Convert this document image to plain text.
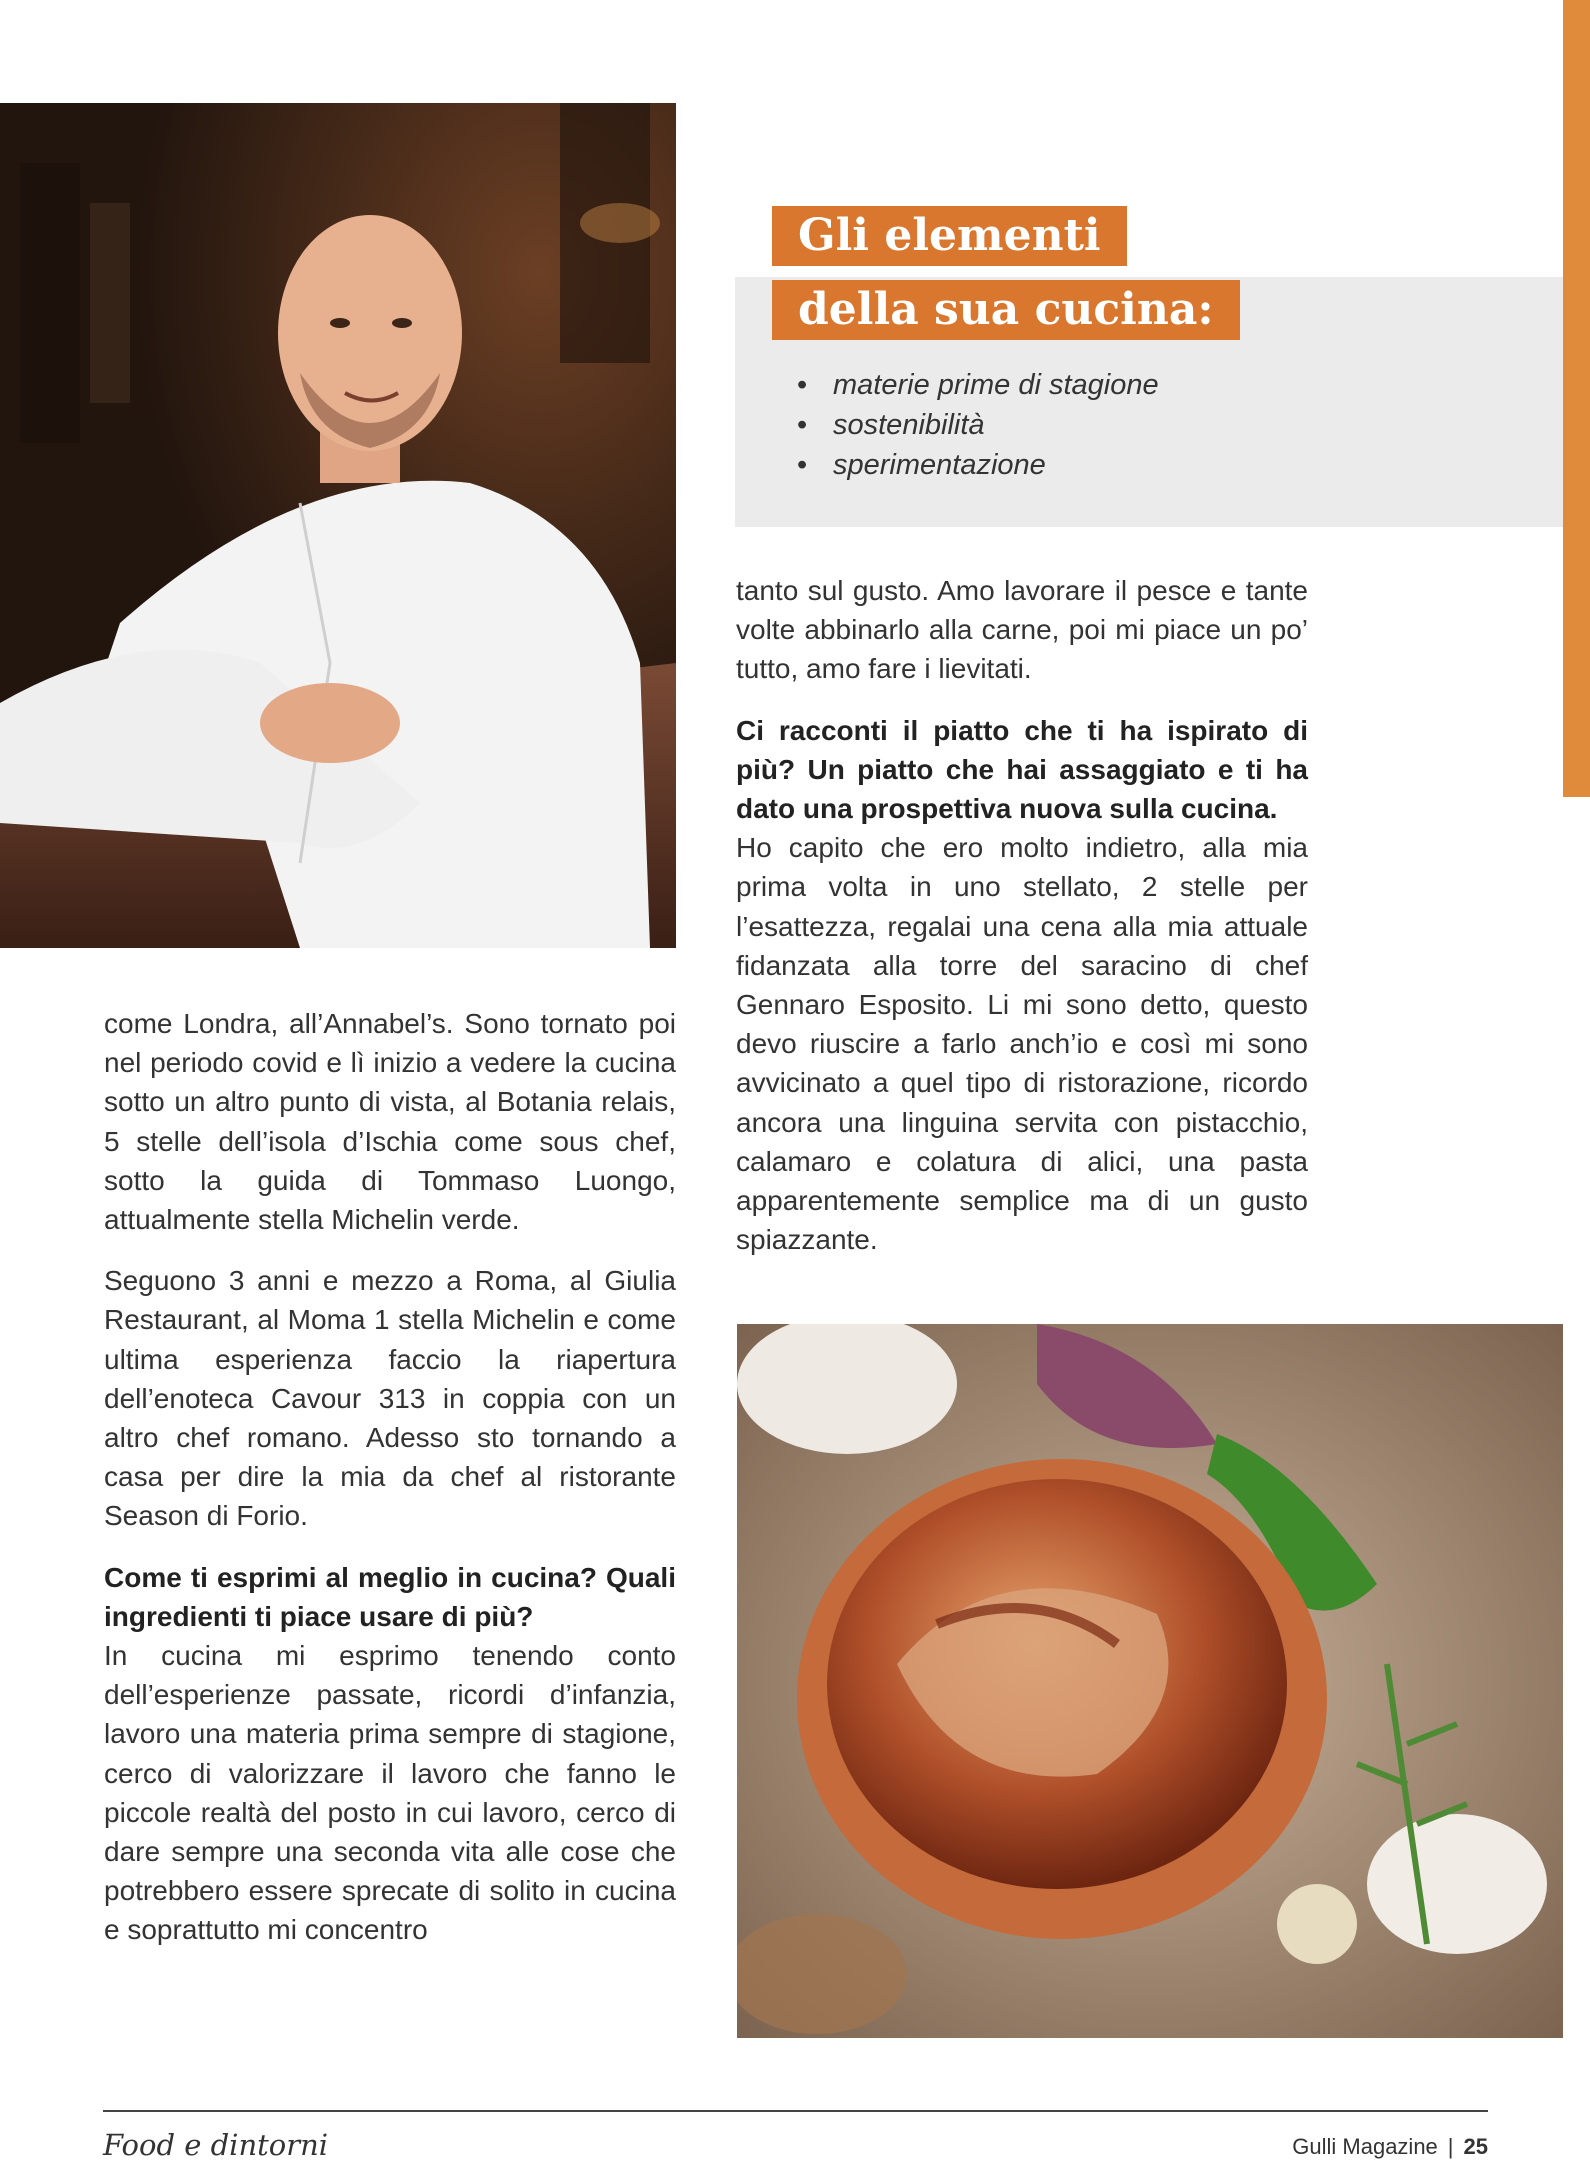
Gli elementi
della sua cucina:
• materie prime di stagione
• sostenibilità
• sperimentazione

tanto sul gusto. Amo lavorare il pesce e tante volte abbinarlo alla carne, poi mi piace un po’ tutto, amo fare i lievitati.

Ci racconti il piatto che ti ha ispirato di più? Un piatto che hai assaggiato e ti ha dato una prospettiva nuova sulla cucina.

Ho capito che ero molto indietro, alla mia prima volta in uno stellato, 2 stelle per l’esattezza, regalai una cena alla mia attuale fidanzata alla torre del saracino di chef Gennaro Esposito. Li mi sono detto, questo devo riuscire a farlo anch’io e così mi sono avvicinato a quel tipo di ristorazione, ricordo ancora una linguina servita con pistacchio, calamaro e colatura di alici, una pasta apparentemente semplice ma di un gusto spiazzante.

come Londra, all’Annabel’s. Sono tornato poi nel periodo covid e lì inizio a vedere la cucina sotto un altro punto di vista, al Botania relais, 5 stelle dell’isola d’Ischia come sous chef, sotto la guida di Tommaso Luongo, attualmente stella Michelin verde.

Seguono 3 anni e mezzo a Roma, al Giulia Restaurant, al Moma 1 stella Michelin e come ultima esperienza faccio la riapertura dell’enoteca Cavour 313 in coppia con un altro chef romano. Adesso sto tornando a casa per dire la mia da chef al ristorante Season di Forio.

Come ti esprimi al meglio in cucina? Quali ingredienti ti piace usare di più?

In cucina mi esprimo tenendo conto dell’esperienze passate, ricordi d’infanzia, lavoro una materia prima sempre di stagione, cerco di valorizzare il lavoro che fanno le piccole realtà del posto in cui lavoro, cerco di dare sempre una seconda vita alle cose che potrebbero essere sprecate di solito in cucina e soprattutto mi concentro

Food e dintorni	Gulli Magazine | 25
